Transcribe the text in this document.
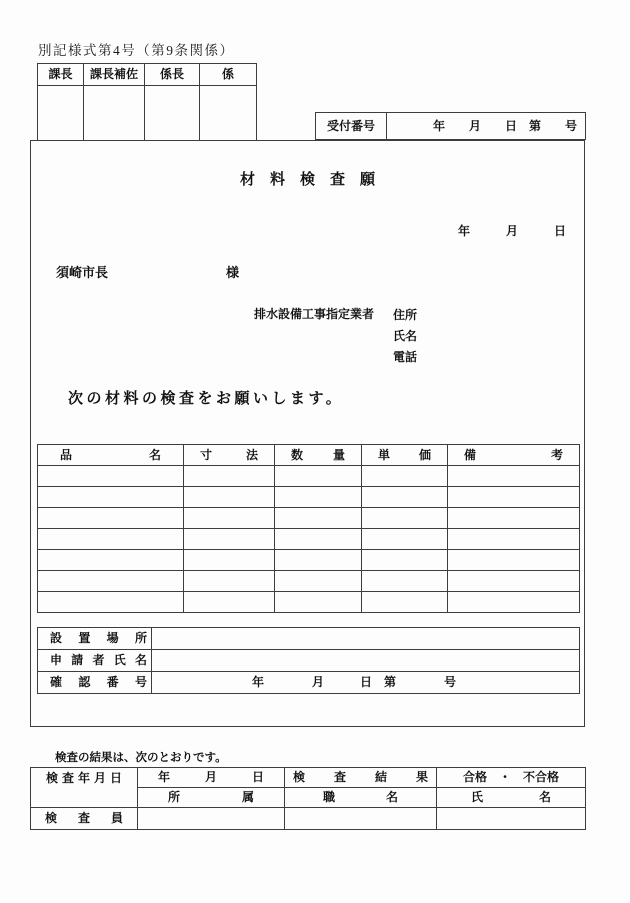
別記様式第4号（第9条関係）
課長	課長補佐	係長	係

材　料　検　査　願
年　　　月　　　日
須崎市長	様
排水設備工事指定業者 住所
氏名
電話
次の材料の検査をお願いします。
品名	寸法	数量	単価	備考

設置場所	
申請者氏名	
確認番号	年　　　　月　　　日　第　　　　号
受付番号	年　　月　　日　第　　号
検査の結果は、次のとおりです。
検査年月日	年月日	検査結果	合格　・　不合格
	所属	職名	氏名
検査員			
